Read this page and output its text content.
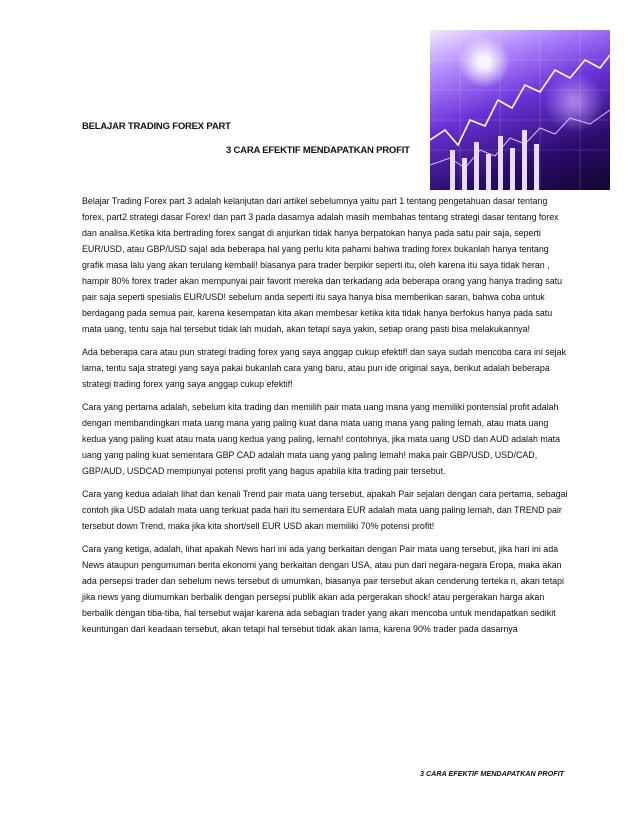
BELAJAR TRADING FOREX PART
3 CARA EFEKTIF MENDAPATKAN PROFIT

Belajar Trading Forex part 3 adalah kelanjutan dari artikel sebelumnya yaitu part 1 tentang pengetahuan dasar tentang forex, part2 strategi dasar Forex! dan part 3 pada dasarnya adalah masih membahas tentang strategi dasar tentang forex dan analisa.Ketika kita bertrading forex sangat di anjurkan tidak hanya berpatokan hanya pada satu pair saja, seperti EUR/USD, atau GBP/USD saja! ada beberapa hal yang perlu kita pahami bahwa trading forex bukanlah hanya tentang grafik masa lalu yang akan terulang kembali! biasanya para trader berpikir seperti itu, oleh karena itu saya tidak heran , hampir 80% forex trader akan mempunyai pair favorit mereka dan terkadang ada beberapa orang yang hanya trading satu pair saja seperti spesialis EUR/USD! sebelum anda seperti itu saya hanya bisa memberikan saran, bahwa coba untuk berdagang pada semua pair, karena kesempatan kita akan membesar ketika kita tidak hanya berfokus hanya pada satu mata uang, tentu saja hal tersebut tidak lah mudah, akan tetapi saya yakin, setiap orang pasti bisa melakukannya!

Ada beberapa cara atau pun strategi trading forex yang saya anggap cukup efektif! dan saya sudah mencoba cara ini sejak lama, tentu saja strategi yang saya pakai bukanlah cara yang baru, atau pun ide original saya, berikut adalah beberapa strategi trading forex yang saya anggap cukup efektif!

Cara yang pertama adalah, sebelum kita trading dan memilih pair mata uang mana yang memiliki pontensial profit adalah dengan membandingkan mata uang mana yang paling kuat dana mata uang mana yang paling lemah, atau mata uang kedua yang paling kuat atau mata uang kedua yang paling, lemah! contohnya, jika mata uang USD dan AUD adalah mata uang yang paling kuat sementara GBP CAD adalah mata uang yang paling lemah! maka pair GBP/USD, USD/CAD, GBP/AUD, USDCAD mempunyai potensi profit yang bagus apabila kita trading pair tersebut.

Cara yang kedua adalah lihat dan kenali Trend pair mata uang tersebut, apakah Pair sejalan dengan cara pertama, sebagai contoh jika USD adalah mata uang terkuat pada hari itu sementara EUR adalah mata uang paling lemah, dan TREND pair tersebut down Trend, maka jika kita short/sell EUR USD akan memiliki 70% potensi profit!

Cara yang ketiga, adalah, lihat apakah News hari ini ada yang berkaitan dengan Pair mata uang tersebut, jika hari ini ada News ataupun pengumuman berita ekonomi yang berkaitan dengan USA, atau pun dari negara-negara Eropa, maka akan ada persepsi trader dan sebelum news tersebut di umumkan, biasanya pair tersebut akan cenderung terteka n, akan tetapi jika news yang diumumkan berbalik dengan persepsi publik akan ada pergerakan shock! atau pergerakan harga akan berbalik dengan tiba-tiba, hal tersebut wajar karena ada sebagian trader yang akan mencoba untuk mendapatkan sedikit keuntungan dari keadaan tersebut, akan tetapi hal tersebut tidak akan lama, karena 90% trader pada dasarnya

3 CARA EFEKTIF MENDAPATKAN PROFIT
